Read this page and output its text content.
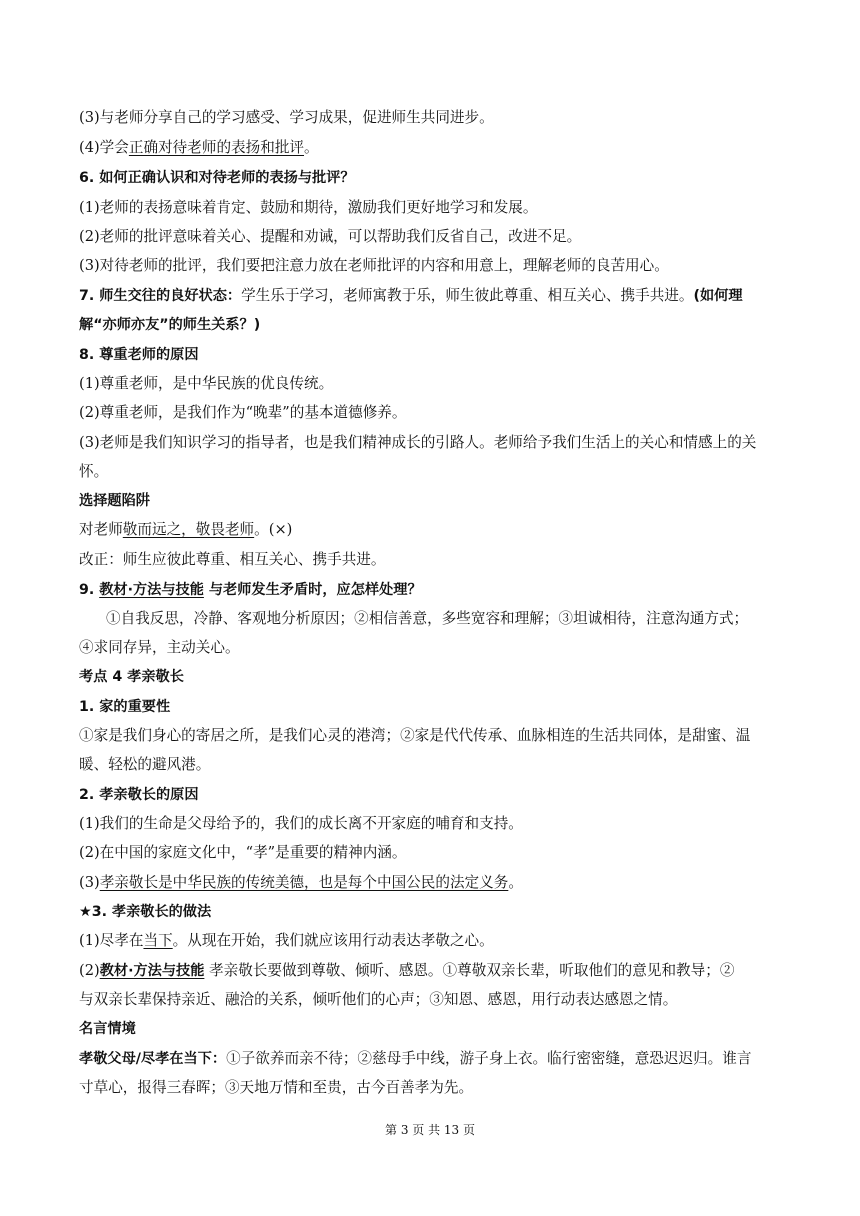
(3)与老师分享自己的学习感受、学习成果，促进师生共同进步。
(4)学会正确对待老师的表扬和批评。
6. 如何正确认识和对待老师的表扬与批评？
(1)老师的表扬意味着肯定、鼓励和期待，激励我们更好地学习和发展。
(2)老师的批评意味着关心、提醒和劝诫，可以帮助我们反省自己，改进不足。
(3)对待老师的批评，我们要把注意力放在老师批评的内容和用意上，理解老师的良苦用心。
7. 师生交往的良好状态：学生乐于学习，老师寓教于乐，师生彼此尊重、相互关心、携手共进。(如何理
解“亦师亦友”的师生关系？)
8. 尊重老师的原因
(1)尊重老师，是中华民族的优良传统。
(2)尊重老师，是我们作为“晚辈”的基本道德修养。
(3)老师是我们知识学习的指导者，也是我们精神成长的引路人。老师给予我们生活上的关心和情感上的关
怀。
选择题陷阱
对老师敬而远之，敬畏老师。(×)
改正：师生应彼此尊重、相互关心、携手共进。
9. 教材·方法与技能 与老师发生矛盾时，应怎样处理？
①自我反思，冷静、客观地分析原因；②相信善意，多些宽容和理解；③坦诚相待，注意沟通方式；
④求同存异，主动关心。
考点 4 孝亲敬长
1. 家的重要性
①家是我们身心的寄居之所，是我们心灵的港湾；②家是代代传承、血脉相连的生活共同体，是甜蜜、温
暖、轻松的避风港。
2. 孝亲敬长的原因
(1)我们的生命是父母给予的，我们的成长离不开家庭的哺育和支持。
(2)在中国的家庭文化中，“孝”是重要的精神内涵。
(3)孝亲敬长是中华民族的传统美德，也是每个中国公民的法定义务。
★3. 孝亲敬长的做法
(1)尽孝在当下。从现在开始，我们就应该用行动表达孝敬之心。
(2)教材·方法与技能 孝亲敬长要做到尊敬、倾听、感恩。①尊敬双亲长辈，听取他们的意见和教导；②
与双亲长辈保持亲近、融洽的关系，倾听他们的心声；③知恩、感恩，用行动表达感恩之情。
名言情境
孝敬父母/尽孝在当下：①子欲养而亲不待；②慈母手中线，游子身上衣。临行密密缝，意恐迟迟归。谁言
寸草心，报得三春晖；③天地万情和至贵，古今百善孝为先。
第 3 页 共 13 页
